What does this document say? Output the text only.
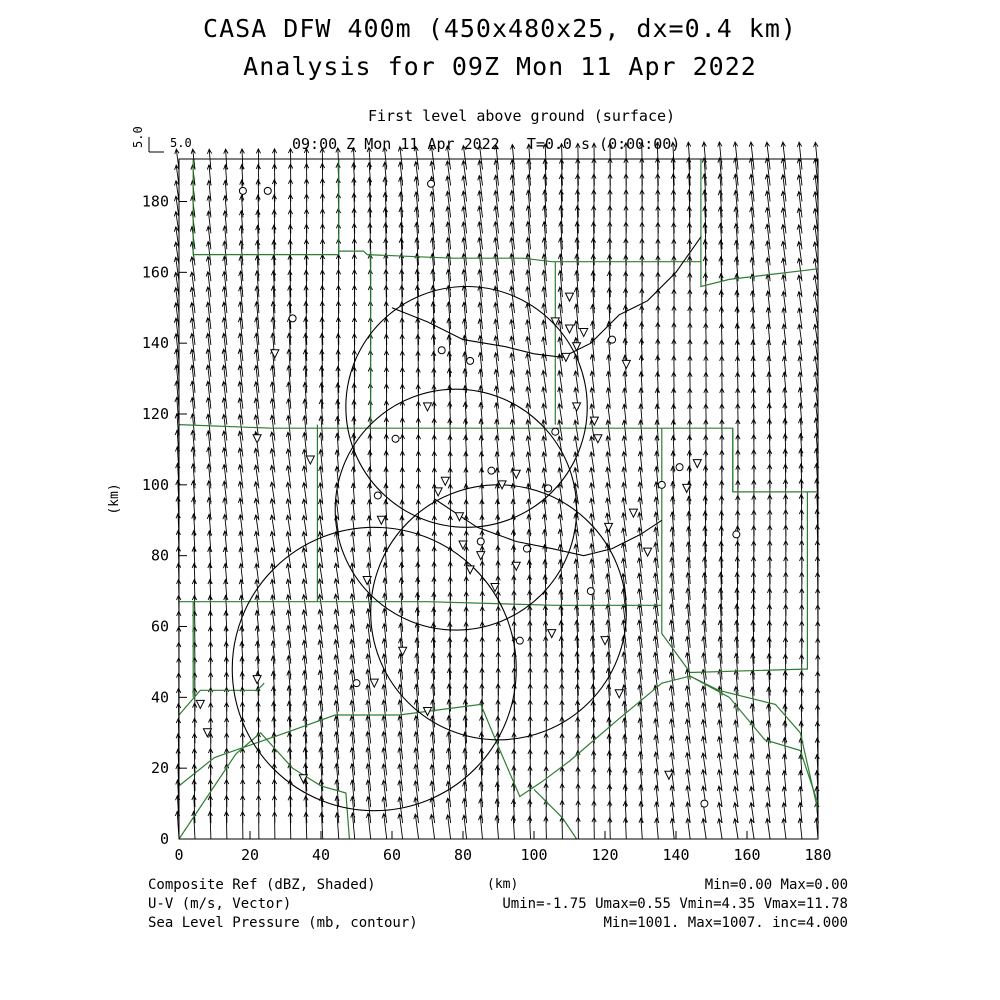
CASA DFW 400m (450x480x25, dx=0.4 km)
Analysis for 09Z Mon 11 Apr 2022
First level above ground (surface)
09:00 Z Mon 11 Apr 2022 T=0.0 s (0:00:00)
0	20	40	60	80	100	120	140	160	180
0
20
40
60
80
100
120
140
160
180
(km)
5.0 5.0
Composite Ref (dBZ, Shaded)
U-V (m/s, Vector)
Sea Level Pressure (mb, contour)
(km)	Min=0.00 Max=0.00
Umin=-1.75 Umax=0.55 Vmin=4.35 Vmax=11.78
Min=1001. Max=1007. inc=4.000
